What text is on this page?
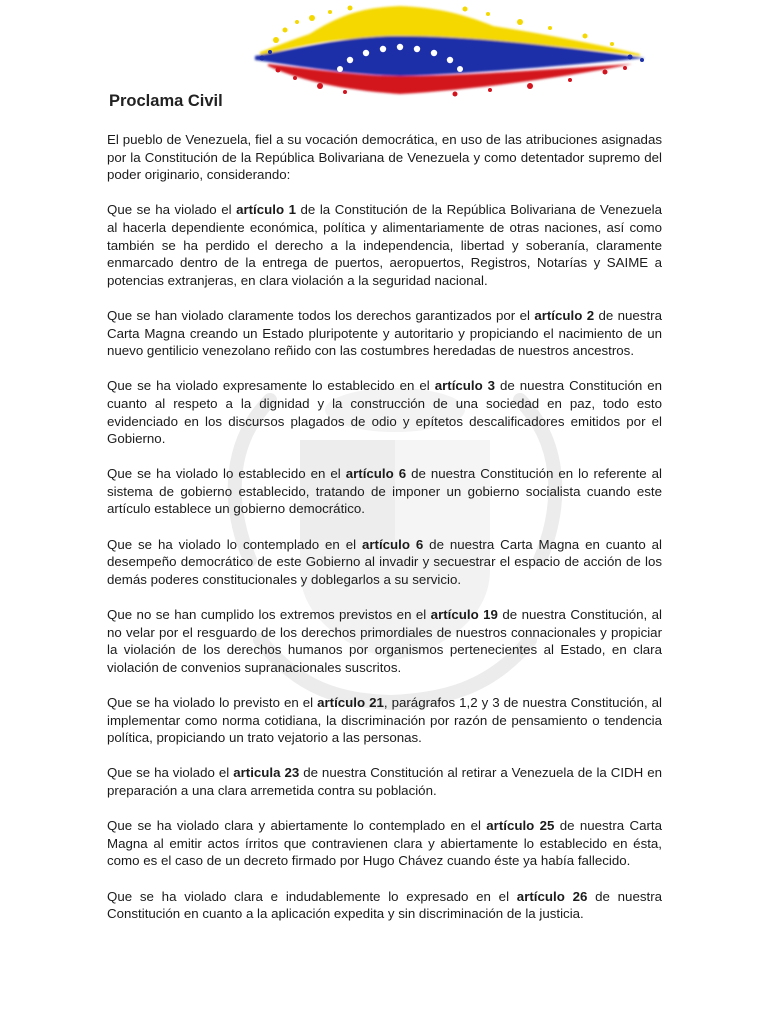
Proclama Civil

El pueblo de Venezuela, fiel a su vocación democrática, en uso de las atribuciones asignadas por la Constitución de la República Bolivariana de Venezuela y como detentador supremo del poder originario, considerando:

Que se ha violado el artículo 1 de la Constitución de la República Bolivariana de Venezuela al hacerla dependiente económica, política y alimentariamente de otras naciones, así como también se ha perdido el derecho a la independencia, libertad y soberanía, claramente enmarcado dentro de la entrega de puertos, aeropuertos, Registros, Notarías y SAIME a potencias extranjeras, en clara violación a la seguridad nacional.

Que se han violado claramente todos los derechos garantizados por el artículo 2 de nuestra Carta Magna creando un Estado pluripotente y autoritario y propiciando el nacimiento de un nuevo gentilicio venezolano reñido con las costumbres heredadas de nuestros ancestros.

Que se ha violado expresamente lo establecido en el artículo 3 de nuestra Constitución en cuanto al respeto a la dignidad y la construcción de una sociedad en paz, todo esto evidenciado en los discursos plagados de odio y epítetos descalificadores emitidos por el Gobierno.

Que se ha violado lo establecido en el artículo 6 de nuestra Constitución en lo referente al sistema de gobierno establecido, tratando de imponer un gobierno socialista cuando este artículo establece un gobierno democrático.

Que se ha violado lo contemplado en el artículo 6 de nuestra Carta Magna en cuanto al desempeño democrático de este Gobierno al invadir y secuestrar el espacio de acción de los demás poderes constitucionales y doblegarlos a su servicio.

Que no se han cumplido los extremos previstos en el artículo 19 de nuestra Constitución, al no velar por el resguardo de los derechos primordiales de nuestros connacionales y propiciar la violación de los derechos humanos por organismos pertenecientes al Estado, en clara violación de convenios supranacionales suscritos.

Que se ha violado lo previsto en el artículo 21, parágrafos 1,2 y 3 de nuestra Constitución, al implementar como norma cotidiana, la discriminación por razón de pensamiento o tendencia política, propiciando un trato vejatorio a las personas.

Que se ha violado el articula 23 de nuestra Constitución al retirar a Venezuela de la CIDH en preparación a una clara arremetida contra su población.

Que se ha violado clara y abiertamente lo contemplado en el artículo 25 de nuestra Carta Magna al emitir actos írritos que contravienen clara y abiertamente lo establecido en ésta, como es el caso de un decreto firmado por Hugo Chávez cuando éste ya había fallecido.

Que se ha violado clara e indudablemente lo expresado en el artículo 26 de nuestra Constitución en cuanto a la aplicación expedita y sin discriminación de la justicia.
